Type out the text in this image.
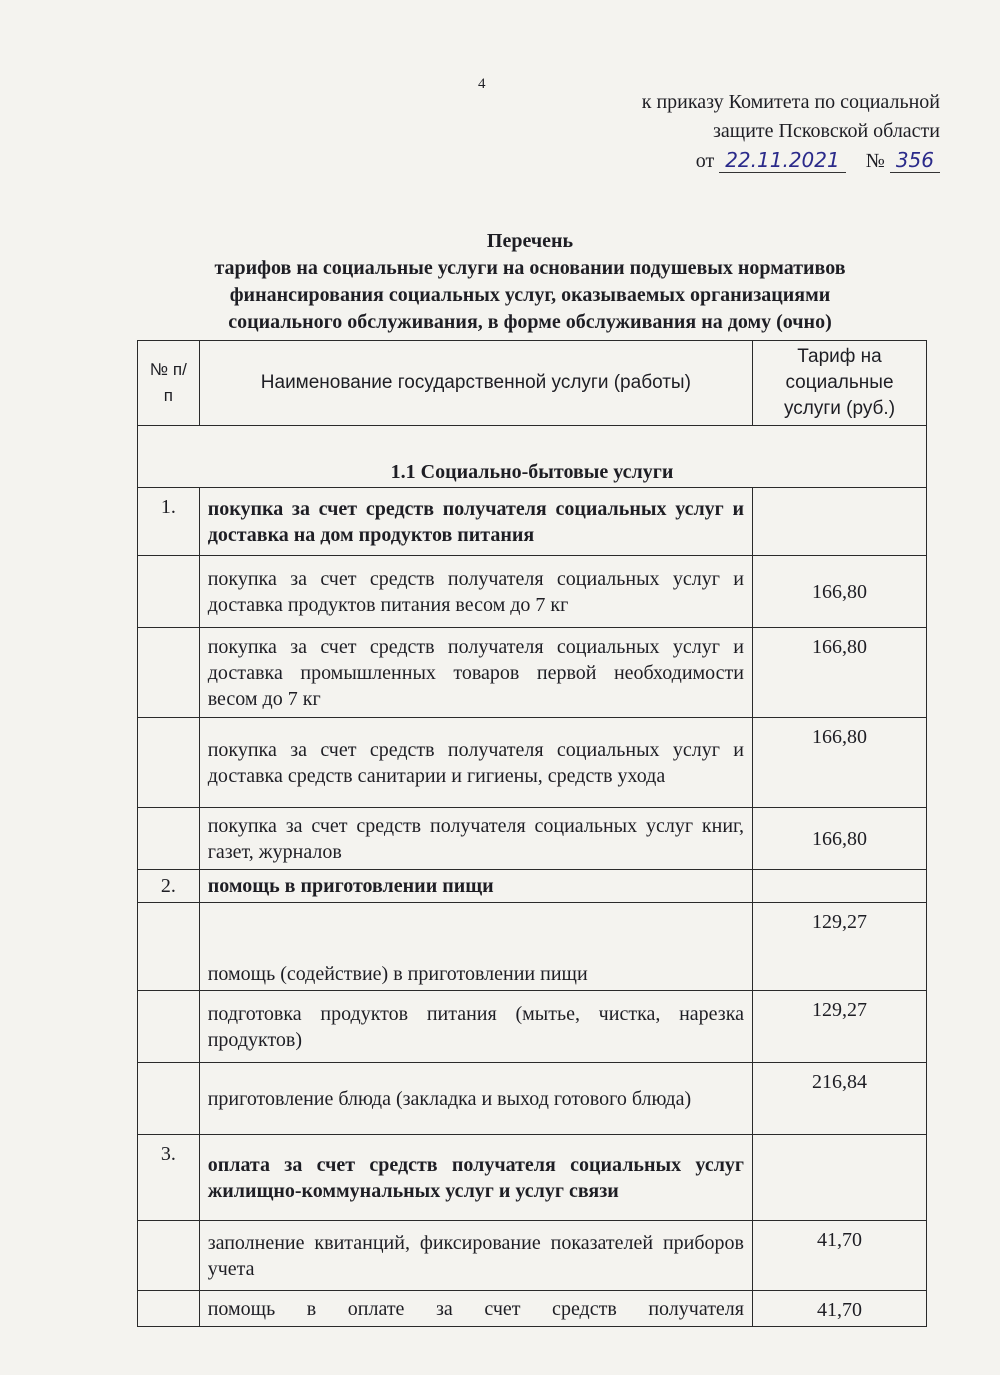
4
к приказу Комитета по социальной
защите Псковской области
от 22.11.2021 № 356
Перечень
тарифов на социальные услуги на основании подушевых нормативов
финансирования социальных услуг, оказываемых организациями
социального обслуживания, в форме обслуживания на дому (очно)
№ п/п	Наименование государственной услуги (работы)	Тариф на социальные услуги (руб.)
1.1 Социально-бытовые услуги		
1.	покупка за счет средств получателя социальных услуг и доставка на дом продуктов питания	
	покупка за счет средств получателя социальных услуг и доставка продуктов питания весом до 7 кг	166,80
	покупка за счет средств получателя социальных услуг и доставка промышленных товаров первой необходимости весом до 7 кг	166,80
	покупка за счет средств получателя социальных услуг и доставка средств санитарии и гигиены, средств ухода	166,80
	покупка за счет средств получателя социальных услуг книг, газет, журналов	166,80
2.	помощь в приготовлении пищи	
	помощь (содействие) в приготовлении пищи	129,27
	подготовка продуктов питания (мытье, чистка, нарезка продуктов)	129,27
	приготовление блюда (закладка и выход готового блюда)	216,84
3.	оплата за счет средств получателя социальных услуг жилищно-коммунальных услуг и услуг связи	
	заполнение квитанций, фиксирование показателей приборов учета	41,70
	помощь в оплате за счет средств получателя	41,70
